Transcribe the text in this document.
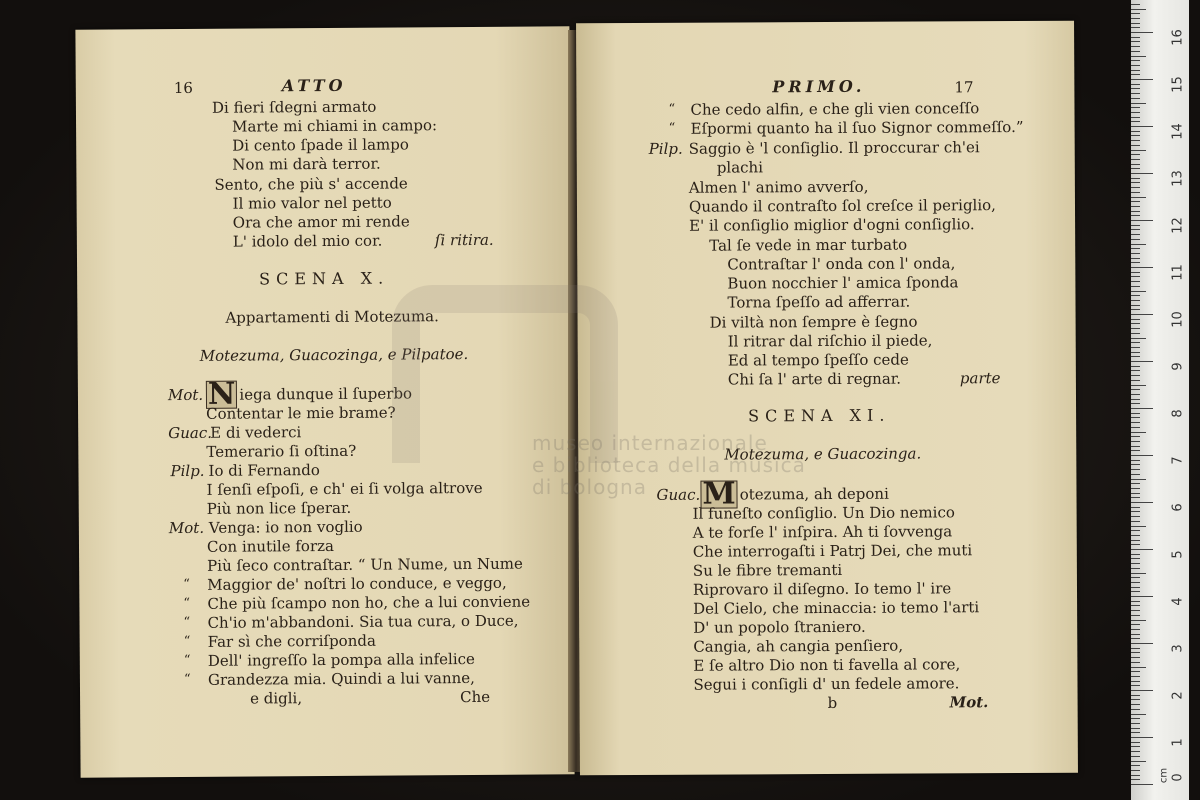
16	ATTO
Di fieri ſdegni armato
Marte mi chiami in campo:
Di cento ſpade il lampo
Non mi darà terror.
Sento, che più s' accende
Il mio valor nel petto
Ora che amor mi rende
L' idolo del mio cor.	ſi ritira.
SCENA X.
Appartamenti di Motezuma.
Motezuma, Guacozinga, e Pilpatoe.
Mot. N iega dunque il ſuperbo
Contentar le mie brame?
Guac.
E di vederci
Temerario ſi oſtina?
Pilp. Io di Fernando
I ſenſi eſpoſi, e ch' ei ſi volga altrove
Più non lice ſperar.
Mot. Venga: io non voglio
Con inutile forza
Più ſeco contraſtar. “ Un Nume, un Nume
“ Maggior de' noſtri lo conduce, e veggo,
“ Che più ſcampo non ho, che a lui conviene
“ Ch'io m'abbandoni. Sia tua cura, o Duce,
“ Far sì che corriſponda
“ Dell' ingreſſo la pompa alla infelice
“ Grandezza mia. Quindi a lui vanne,
e digli,	Che
PRIMO.	17
“ Che cedo alfin, e che gli vien conceſſo
“ Eſpormi quanto ha il ſuo Signor commeſſo.”
Pilp. Saggio è 'l conſiglio. Il proccurar ch'ei
plachi
Almen l' animo avverſo,
Quando il contraſto ſol creſce il periglio,
E' il conſiglio miglior d'ogni conſiglio.
Tal ſe vede in mar turbato
Contraſtar l' onda con l' onda,
Buon nocchier l' amica ſponda
Torna ſpeſſo ad afferrar.
Di viltà non ſempre è ſegno
Il ritrar dal riſchio il piede,
Ed al tempo ſpeſſo cede
Chi ſa l' arte di regnar.	parte
SCENA XI.
Motezuma, e Guacozinga.
Guac. M otezuma, ah deponi
Il funeſto conſiglio. Un Dio nemico
A te forſe l' inſpira. Ah ti ſovvenga
Che interrogaſti i Patrj Dei, che muti
Su le fibre tremanti
Riprovaro il diſegno. Io temo l' ire
Del Cielo, che minaccia: io temo l'arti
D' un popolo ſtraniero.
Cangia, ah cangia penſiero,
E ſe altro Dio non ti favella al core,
Segui i conſigli d' un fedele amore.
b	Mot.
museo internazionale
e biblioteca della musica
di bologna
16
15
14
13
12
11
10
9
8
7
6
5
4
3
2
1
0
cm
